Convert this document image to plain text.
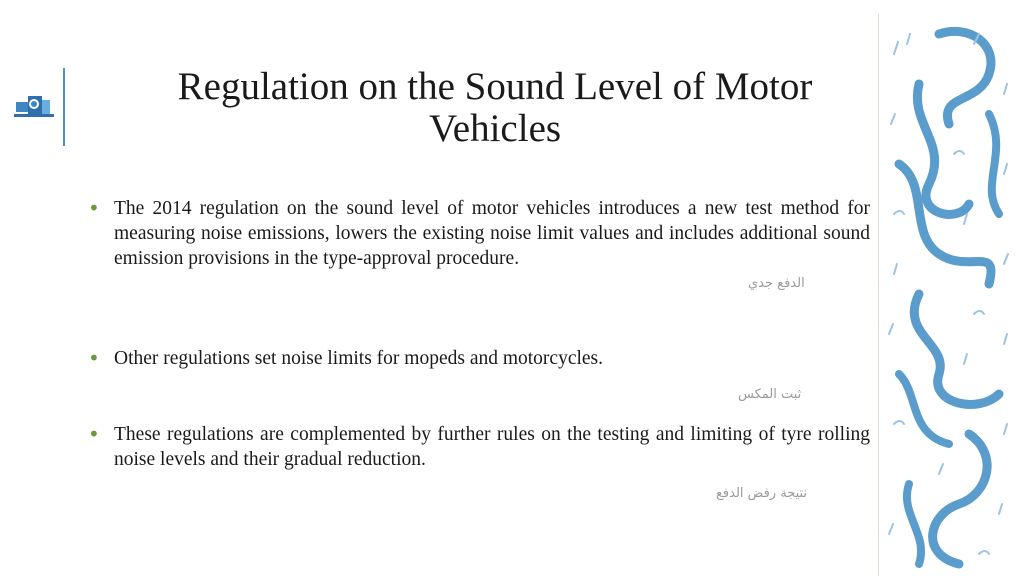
Regulation on the Sound Level of Motor Vehicles

• The 2014 regulation on the sound level of motor vehicles introduces a new test method for measuring noise emissions, lowers the existing noise limit values and includes additional sound emission provisions in the type-approval procedure.

• Other regulations set noise limits for mopeds and motorcycles.

• These regulations are complemented by further rules on the testing and limiting of tyre rolling noise levels and their gradual reduction.

الدفع جدي
ثبت المكس
نتيجة رفض الدفع
